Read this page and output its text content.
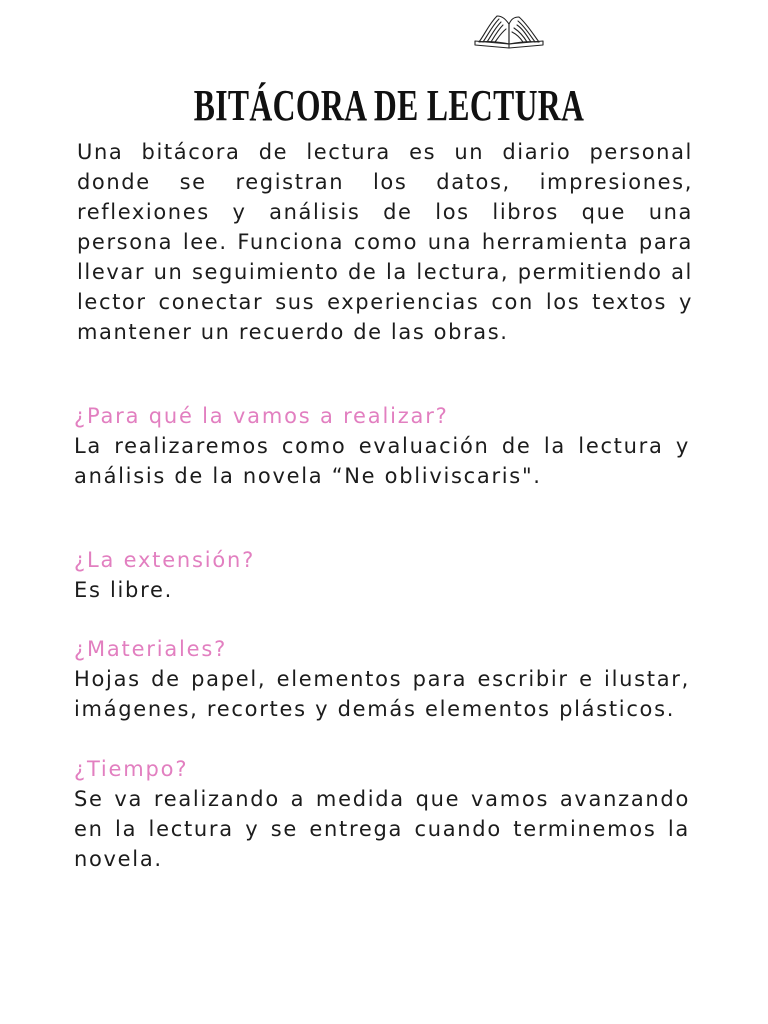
BITÁCORA DE LECTURA

Una bitácora de lectura es un diario personal donde se registran los datos, impresiones, reflexiones y análisis de los libros que una persona lee. Funciona como una herramienta para llevar un seguimiento de la lectura, permitiendo al lector conectar sus experiencias con los textos y mantener un recuerdo de las obras.

¿Para qué la vamos a realizar?

La realizaremos como evaluación de la lectura y análisis de la novela “Ne obliviscaris".

¿La extensión?

Es libre.

¿Materiales?

Hojas de papel, elementos para escribir e ilustar, imágenes, recortes y demás elementos plásticos.

¿Tiempo?

Se va realizando a medida que vamos avanzando en la lectura y se entrega cuando terminemos la novela.
